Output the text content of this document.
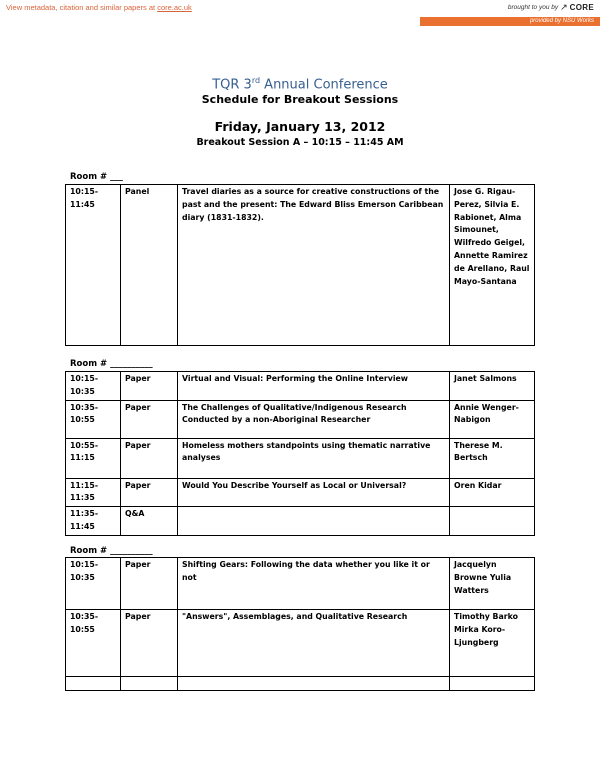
View metadata, citation and similar papers at core.ac.uk	brought to you by ↗ CORE
provided by NSU Works
TQR 3rd Annual Conference
Schedule for Breakout Sessions
Friday, January 13, 2012
Breakout Session A – 10:15 – 11:45 AM
Room # ___
10:15-11:45	Panel	Travel diaries as a source for creative constructions of the past and the present: The Edward Bliss Emerson Caribbean diary (1831-1832).	Jose G. Rigau-Perez, Silvia E. Rabionet, Alma Simounet, Wilfredo Geigel, Annette Ramirez de Arellano, Raul Mayo-Santana
Room # __________
10:15-10:35	Paper	Virtual and Visual: Performing the Online Interview	Janet Salmons
10:35-10:55	Paper	The Challenges of Qualitative/Indigenous Research Conducted by a non-Aboriginal Researcher	Annie Wenger-Nabigon
10:55-11:15	Paper	Homeless mothers standpoints using thematic narrative analyses	Therese M. Bertsch
11:15-11:35	Paper	Would You Describe Yourself as Local or Universal?	Oren Kidar
11:35-11:45	Q&A		
Room # __________
10:15-10:35	Paper	Shifting Gears: Following the data whether you like it or not	Jacquelyn Browne Yulia Watters
10:35-10:55	Paper	"Answers", Assemblages, and Qualitative Research	Timothy Barko Mirka Koro-Ljungberg
